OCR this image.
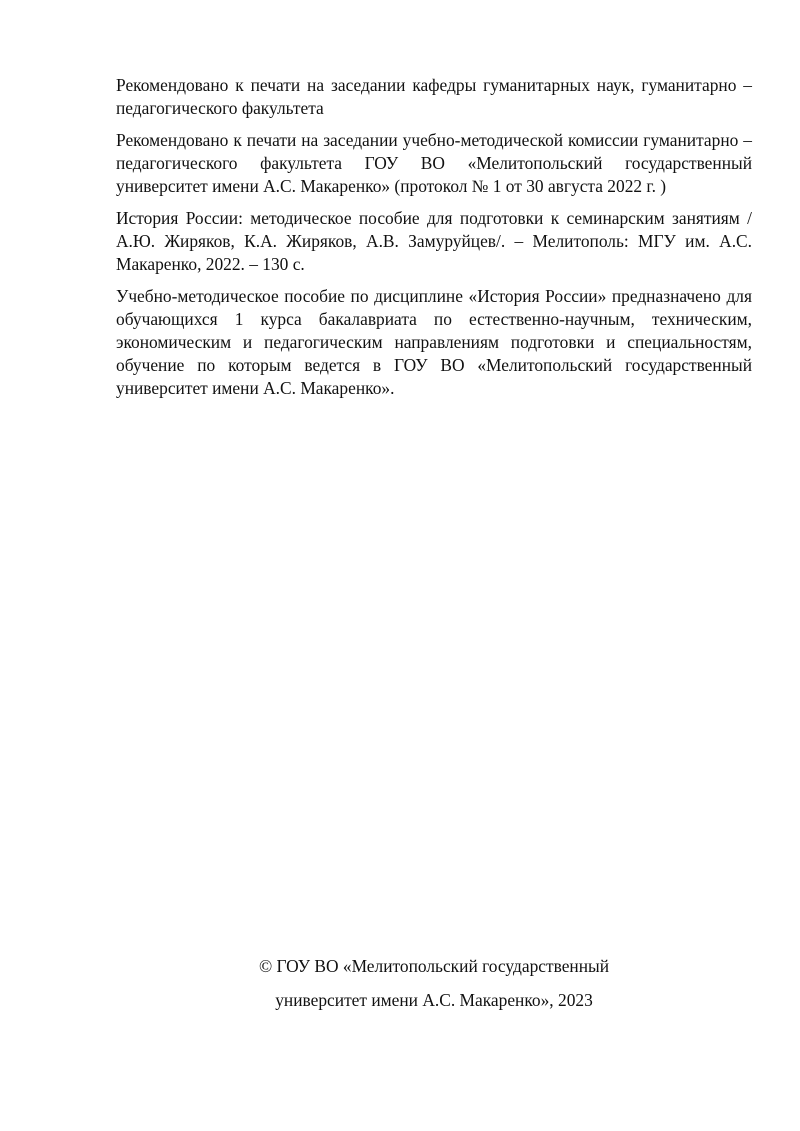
Рекомендовано к печати на заседании кафедры гуманитарных наук, гуманитарно – педагогического факультета

Рекомендовано к печати на заседании учебно-методической комиссии гуманитарно – педагогического факультета ГОУ ВО «Мелитопольский государственный университет имени А.С. Макаренко» (протокол № 1 от 30 августа 2022 г. )

История России: методическое пособие для подготовки к семинарским занятиям / А.Ю. Жиряков, К.А. Жиряков, А.В. Замуруйцев/. – Мелитополь: МГУ им. А.С. Макаренко, 2022. – 130 с.

Учебно-методическое пособие по дисциплине «История России» предназначено для обучающихся 1 курса бакалавриата по естественно-научным, техническим, экономическим и педагогическим направлениям подготовки и специальностям, обучение по которым ведется в ГОУ ВО «Мелитопольский государственный университет имени А.С. Макаренко».

© ГОУ ВО «Мелитопольский государственный
университет имени А.С. Макаренко», 2023
